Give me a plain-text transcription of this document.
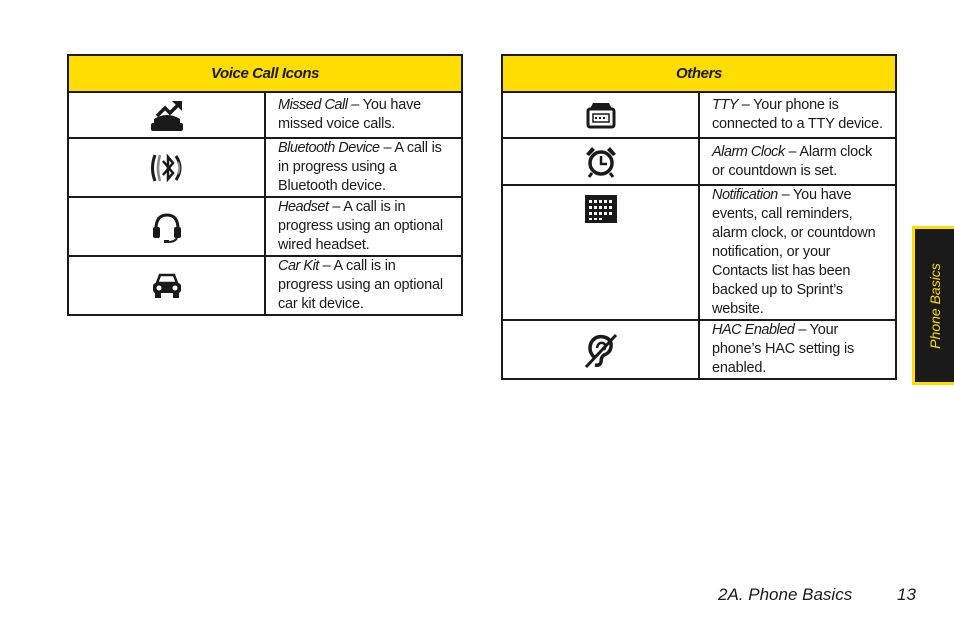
Voice Call Icons	

	Missed Call – You have missed voice calls.

	Bluetooth Device – A call is in progress using a Bluetooth device.

	Headset – A call is in progress using an optional wired headset.

	Car Kit – A call is in progress using an optional car kit device.
Others	

	TTY – Your phone is connected to a TTY device.

	Alarm Clock – Alarm clock or countdown is set.

	Notification – You have events, call reminders, alarm clock, or countdown notification, or your Contacts list has been backed up to Sprint’s website.

	HAC Enabled – Your phone’s HAC setting is enabled.
Phone Basics
2A. Phone Basics	13
